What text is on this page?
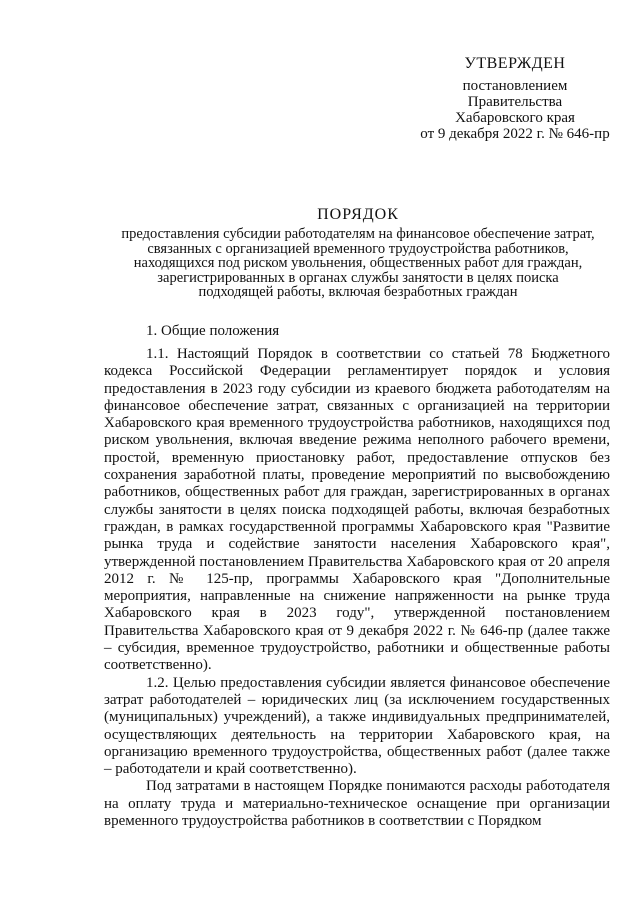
УТВЕРЖДЕН
постановлением
Правительства
Хабаровского края
от 9 декабря 2022 г. № 646-пр
ПОРЯДОК
предоставления субсидии работодателям на финансовое обеспечение затрат, связанных с организацией временного трудоустройства работников, находящихся под риском увольнения, общественных работ для граждан, зарегистрированных в органах службы занятости в целях поиска подходящей работы, включая безработных граждан
1. Общие положения

1.1. Настоящий Порядок в соответствии со статьей 78 Бюджетного кодекса Российской Федерации регламентирует порядок и условия предоставления в 2023 году субсидии из краевого бюджета работодателям на финансовое обеспечение затрат, связанных с организацией на территории Хабаровского края временного трудоустройства работников, находящихся под риском увольнения, включая введение режима неполного рабочего времени, простой, временную приостановку работ, предоставление отпусков без сохранения заработной платы, проведение мероприятий по высвобождению работников, общественных работ для граждан, зарегистрированных в органах службы занятости в целях поиска подходящей работы, включая безработных граждан, в рамках государственной программы Хабаровского края "Развитие рынка труда и содействие занятости населения Хабаровского края", утвержденной постановлением Правительства Хабаровского края от 20 апреля 2012 г. № 125-пр, программы Хабаровского края "Дополнительные мероприятия, направленные на снижение напряженности на рынке труда Хабаровского края в 2023 году", утвержденной постановлением Правительства Хабаровского края от 9 декабря 2022 г. № 646-пр (далее также – субсидия, временное трудоустройство, работники и общественные работы соответственно).

1.2. Целью предоставления субсидии является финансовое обеспечение затрат работодателей – юридических лиц (за исключением государственных (муниципальных) учреждений), а также индивидуальных предпринимателей, осуществляющих деятельность на территории Хабаровского края, на организацию временного трудоустройства, общественных работ (далее также – работодатели и край соответственно).

Под затратами в настоящем Порядке понимаются расходы работодателя на оплату труда и материально-техническое оснащение при организации временного трудоустройства работников в соответствии с Порядком
